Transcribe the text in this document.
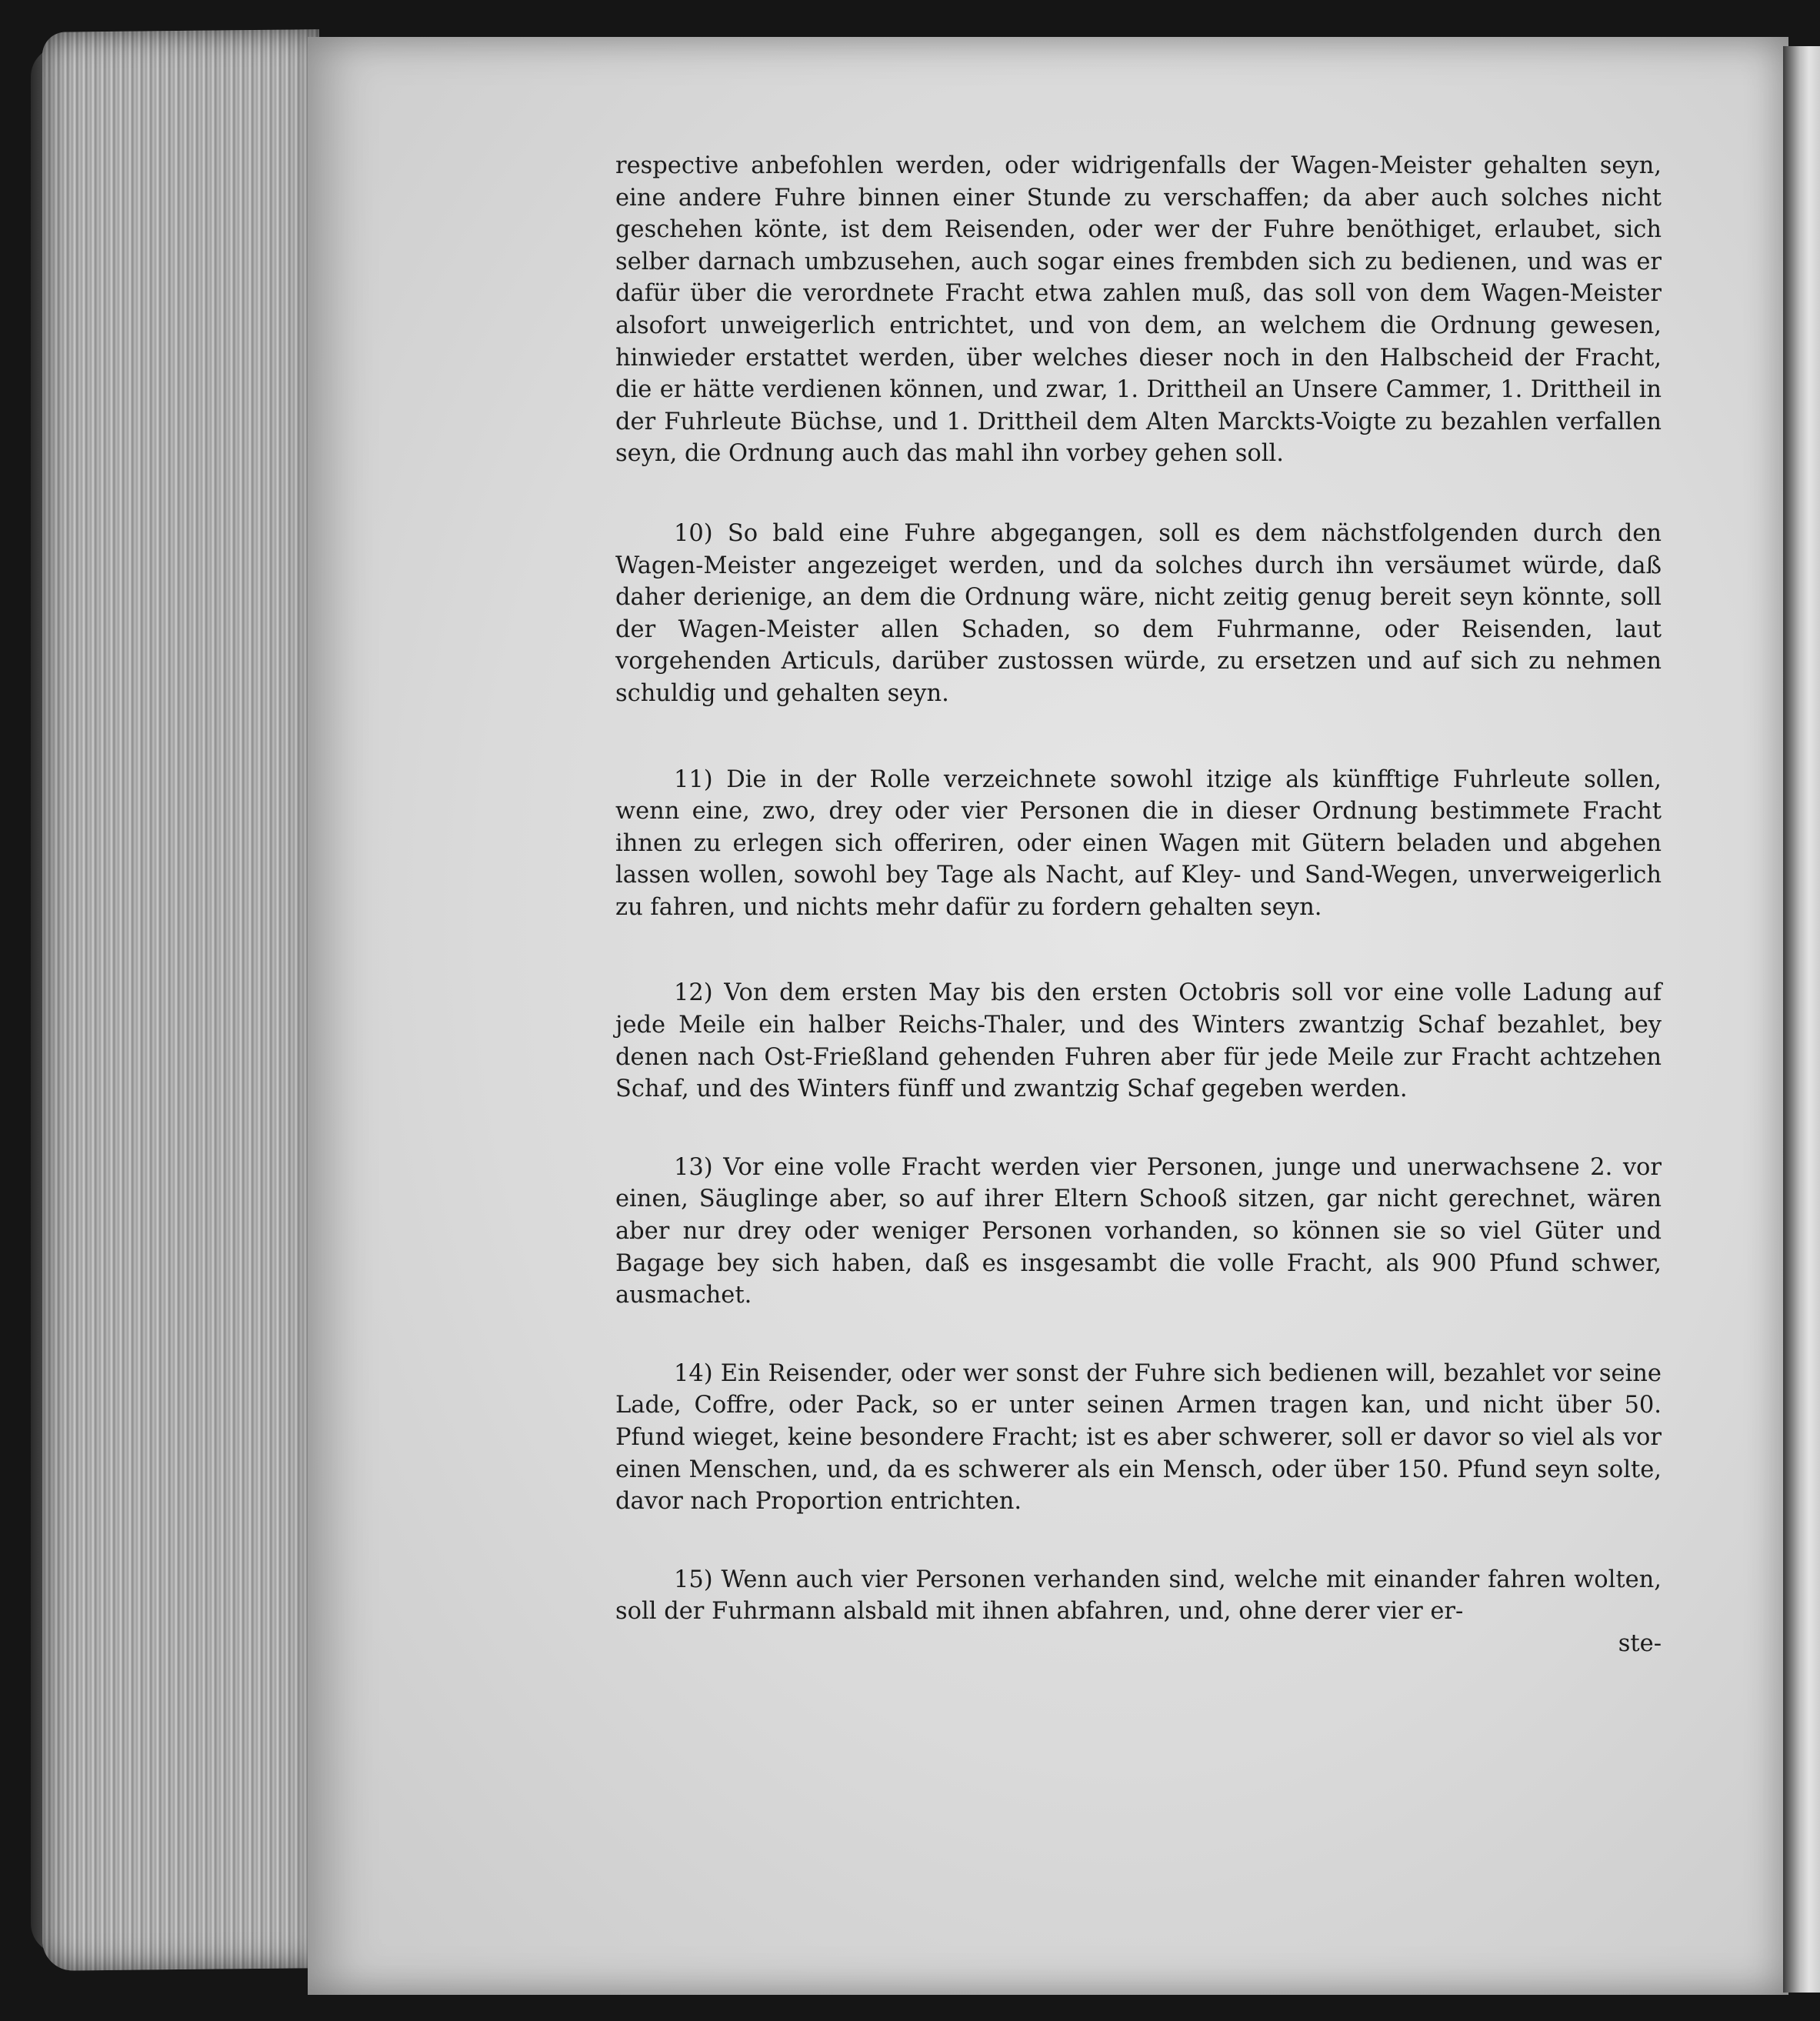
respective anbefohlen werden, oder widrigenfalls der Wagen-Meister gehalten seyn, eine andere Fuhre binnen einer Stunde zu verschaffen; da aber auch solches nicht geschehen könte, ist dem Reisenden, oder wer der Fuhre benöthiget, erlaubet, sich selber darnach umbzusehen, auch sogar eines frembden sich zu bedienen, und was er dafür über die verordnete Fracht etwa zahlen muß, das soll von dem Wagen-Meister alsofort unweigerlich entrichtet, und von dem, an welchem die Ordnung gewesen, hinwieder erstattet werden, über welches dieser noch in den Halbscheid der Fracht, die er hätte verdienen können, und zwar, 1. Drittheil an Unsere Cammer, 1. Drittheil in der Fuhrleute Büchse, und 1. Drittheil dem Alten Marckts-Voigte zu bezahlen verfallen seyn, die Ordnung auch das mahl ihn vorbey gehen soll.

10) So bald eine Fuhre abgegangen, soll es dem nächstfolgenden durch den Wagen-Meister angezeiget werden, und da solches durch ihn versäumet würde, daß daher derienige, an dem die Ordnung wäre, nicht zeitig genug bereit seyn könnte, soll der Wagen-Meister allen Schaden, so dem Fuhrmanne, oder Reisenden, laut vorgehenden Articuls, darüber zustossen würde, zu ersetzen und auf sich zu nehmen schuldig und gehalten seyn.

11) Die in der Rolle verzeichnete sowohl itzige als künfftige Fuhrleute sollen, wenn eine, zwo, drey oder vier Personen die in dieser Ordnung bestimmete Fracht ihnen zu erlegen sich offeriren, oder einen Wagen mit Gütern beladen und abgehen lassen wollen, sowohl bey Tage als Nacht, auf Kley- und Sand-Wegen, unverweigerlich zu fahren, und nichts mehr dafür zu fordern gehalten seyn.

12) Von dem ersten May bis den ersten Octobris soll vor eine volle Ladung auf jede Meile ein halber Reichs-Thaler, und des Winters zwantzig Schaf bezahlet, bey denen nach Ost-Frießland gehenden Fuhren aber für jede Meile zur Fracht achtzehen Schaf, und des Winters fünff und zwantzig Schaf gegeben werden.

13) Vor eine volle Fracht werden vier Personen, junge und unerwachsene 2. vor einen, Säuglinge aber, so auf ihrer Eltern Schooß sitzen, gar nicht gerechnet, wären aber nur drey oder weniger Personen vorhanden, so können sie so viel Güter und Bagage bey sich haben, daß es insgesambt die volle Fracht, als 900 Pfund schwer, ausmachet.

14) Ein Reisender, oder wer sonst der Fuhre sich bedienen will, bezahlet vor seine Lade, Coffre, oder Pack, so er unter seinen Armen tragen kan, und nicht über 50. Pfund wieget, keine besondere Fracht; ist es aber schwerer, soll er davor so viel als vor einen Menschen, und, da es schwerer als ein Mensch, oder über 150. Pfund seyn solte, davor nach Proportion entrichten.

15) Wenn auch vier Personen verhanden sind, welche mit einander fahren wolten, soll der Fuhrmann alsbald mit ihnen abfahren, und, ohne derer vier er-

ste-
